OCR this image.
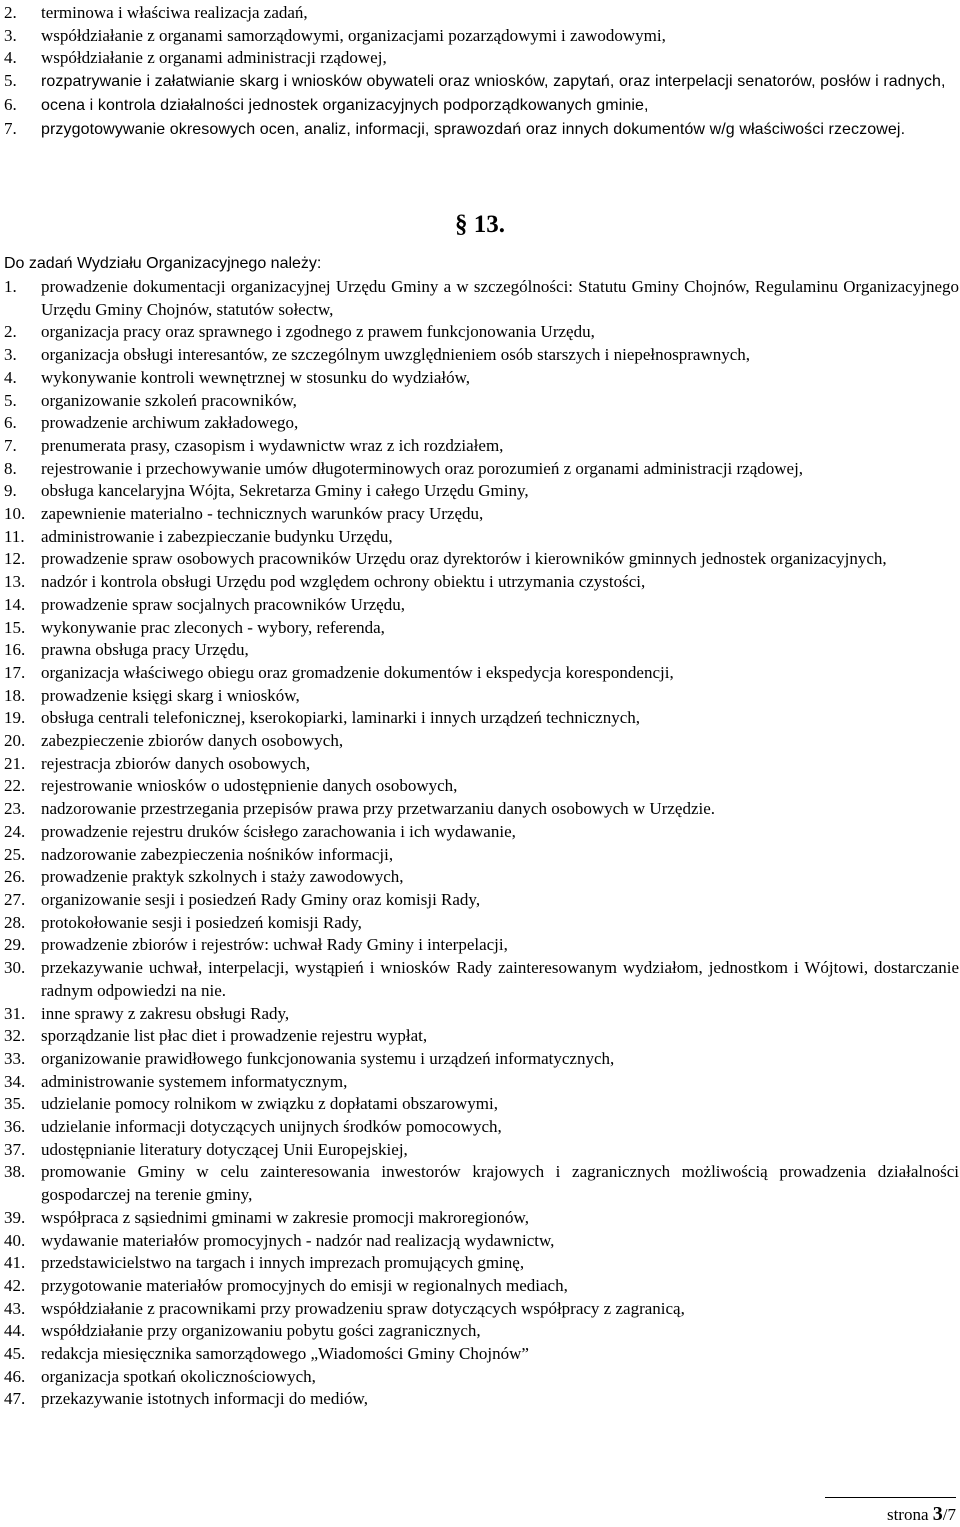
2. terminowa i właściwa realizacja zadań,
3. współdziałanie z organami samorządowymi, organizacjami pozarządowymi i zawodowymi,
4. współdziałanie z organami administracji rządowej,
5. rozpatrywanie i załatwianie skarg i wniosków obywateli oraz wniosków, zapytań, oraz interpelacji senatorów, posłów i radnych,
6. ocena i kontrola działalności jednostek organizacyjnych podporządkowanych gminie,
7. przygotowywanie okresowych ocen, analiz, informacji, sprawozdań oraz innych dokumentów w/g właściwości rzeczowej.
§ 13.
Do zadań Wydziału Organizacyjnego należy:
1. prowadzenie dokumentacji organizacyjnej Urzędu Gminy a w szczególności: Statutu Gminy Chojnów, Regulaminu Organizacyjnego Urzędu Gminy Chojnów, statutów sołectw,
2. organizacja pracy oraz sprawnego i zgodnego z prawem funkcjonowania Urzędu,
3. organizacja obsługi interesantów, ze szczególnym uwzględnieniem osób starszych i niepełnosprawnych,
4. wykonywanie kontroli wewnętrznej w stosunku do wydziałów,
5. organizowanie szkoleń pracowników,
6. prowadzenie archiwum zakładowego,
7. prenumerata prasy, czasopism i wydawnictw wraz z ich rozdziałem,
8. rejestrowanie i przechowywanie umów długoterminowych oraz porozumień z organami administracji rządowej,
9. obsługa kancelaryjna Wójta, Sekretarza Gminy i całego Urzędu Gminy,
10. zapewnienie materialno - technicznych warunków pracy Urzędu,
11. administrowanie i zabezpieczanie budynku Urzędu,
12. prowadzenie spraw osobowych pracowników Urzędu oraz dyrektorów i kierowników gminnych jednostek organizacyjnych,
13. nadzór i kontrola obsługi Urzędu pod względem ochrony obiektu i utrzymania czystości,
14. prowadzenie spraw socjalnych pracowników Urzędu,
15. wykonywanie prac zleconych - wybory, referenda,
16. prawna obsługa pracy Urzędu,
17. organizacja właściwego obiegu oraz gromadzenie dokumentów i ekspedycja korespondencji,
18. prowadzenie księgi skarg i wniosków,
19. obsługa centrali telefonicznej, kserokopiarki, laminarki i innych urządzeń technicznych,
20. zabezpieczenie zbiorów danych osobowych,
21. rejestracja zbiorów danych osobowych,
22. rejestrowanie wniosków o udostępnienie danych osobowych,
23. nadzorowanie przestrzegania przepisów prawa przy przetwarzaniu danych osobowych w Urzędzie.
24. prowadzenie rejestru druków ścisłego zarachowania i ich wydawanie,
25. nadzorowanie zabezpieczenia nośników informacji,
26. prowadzenie praktyk szkolnych i staży zawodowych,
27. organizowanie sesji i posiedzeń Rady Gminy oraz komisji Rady,
28. protokołowanie sesji i posiedzeń komisji Rady,
29. prowadzenie zbiorów i rejestrów: uchwał Rady Gminy i interpelacji,
30. przekazywanie uchwał, interpelacji, wystąpień i wniosków Rady zainteresowanym wydziałom, jednostkom i Wójtowi, dostarczanie radnym odpowiedzi na nie.
31. inne sprawy z zakresu obsługi Rady,
32. sporządzanie list płac diet i prowadzenie rejestru wypłat,
33. organizowanie prawidłowego funkcjonowania systemu i urządzeń informatycznych,
34. administrowanie systemem informatycznym,
35. udzielanie pomocy rolnikom w związku z dopłatami obszarowymi,
36. udzielanie informacji dotyczących unijnych środków pomocowych,
37. udostępnianie literatury dotyczącej Unii Europejskiej,
38. promowanie Gminy w celu zainteresowania inwestorów krajowych i zagranicznych możliwością prowadzenia działalności gospodarczej na terenie gminy,
39. współpraca z sąsiednimi gminami w zakresie promocji makroregionów,
40. wydawanie materiałów promocyjnych - nadzór nad realizacją wydawnictw,
41. przedstawicielstwo na targach i innych imprezach promujących gminę,
42. przygotowanie materiałów promocyjnych do emisji w regionalnych mediach,
43. współdziałanie z pracownikami przy prowadzeniu spraw dotyczących współpracy z zagranicą,
44. współdziałanie przy organizowaniu pobytu gości zagranicznych,
45. redakcja miesięcznika samorządowego „Wiadomości Gminy Chojnów”
46. organizacja spotkań okolicznościowych,
47. przekazywanie istotnych informacji do mediów,
strona 3/7
